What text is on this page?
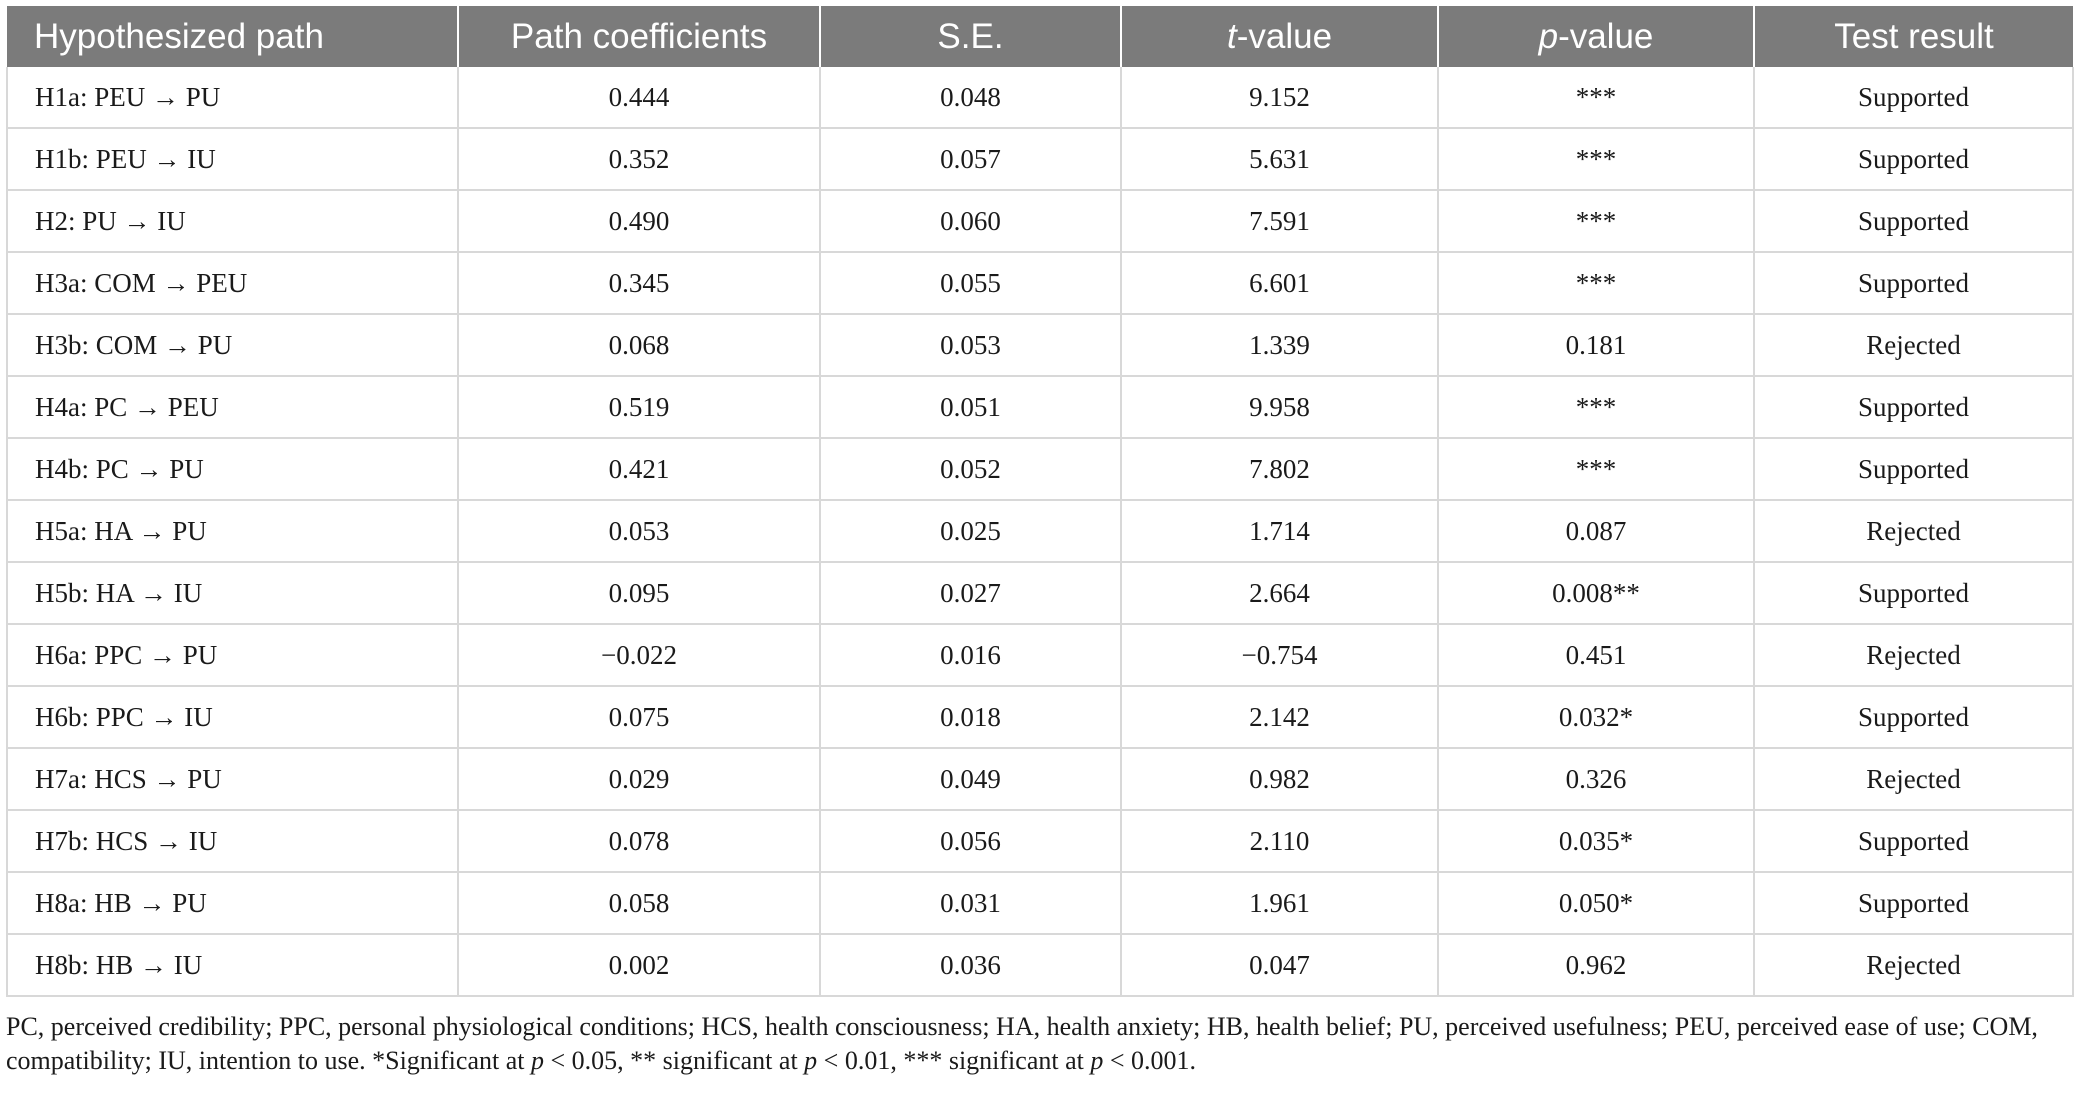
Hypothesized path	Path coefficients	S.E.	t-value	p-value	Test result
H1a: PEU → PU	0.444	0.048	9.152	***	Supported
H1b: PEU → IU	0.352	0.057	5.631	***	Supported
H2: PU → IU	0.490	0.060	7.591	***	Supported
H3a: COM → PEU	0.345	0.055	6.601	***	Supported
H3b: COM → PU	0.068	0.053	1.339	0.181	Rejected
H4a: PC → PEU	0.519	0.051	9.958	***	Supported
H4b: PC → PU	0.421	0.052	7.802	***	Supported
H5a: HA → PU	0.053	0.025	1.714	0.087	Rejected
H5b: HA → IU	0.095	0.027	2.664	0.008**	Supported
H6a: PPC → PU	−0.022	0.016	−0.754	0.451	Rejected
H6b: PPC → IU	0.075	0.018	2.142	0.032*	Supported
H7a: HCS → PU	0.029	0.049	0.982	0.326	Rejected
H7b: HCS → IU	0.078	0.056	2.110	0.035*	Supported
H8a: HB → PU	0.058	0.031	1.961	0.050*	Supported
H8b: HB → IU	0.002	0.036	0.047	0.962	Rejected
PC, perceived credibility; PPC, personal physiological conditions; HCS, health consciousness; HA, health anxiety; HB, health belief; PU, perceived usefulness; PEU, perceived ease of use; COM,
compatibility; IU, intention to use. *Significant at p < 0.05, ** significant at p < 0.01, *** significant at p < 0.001.
